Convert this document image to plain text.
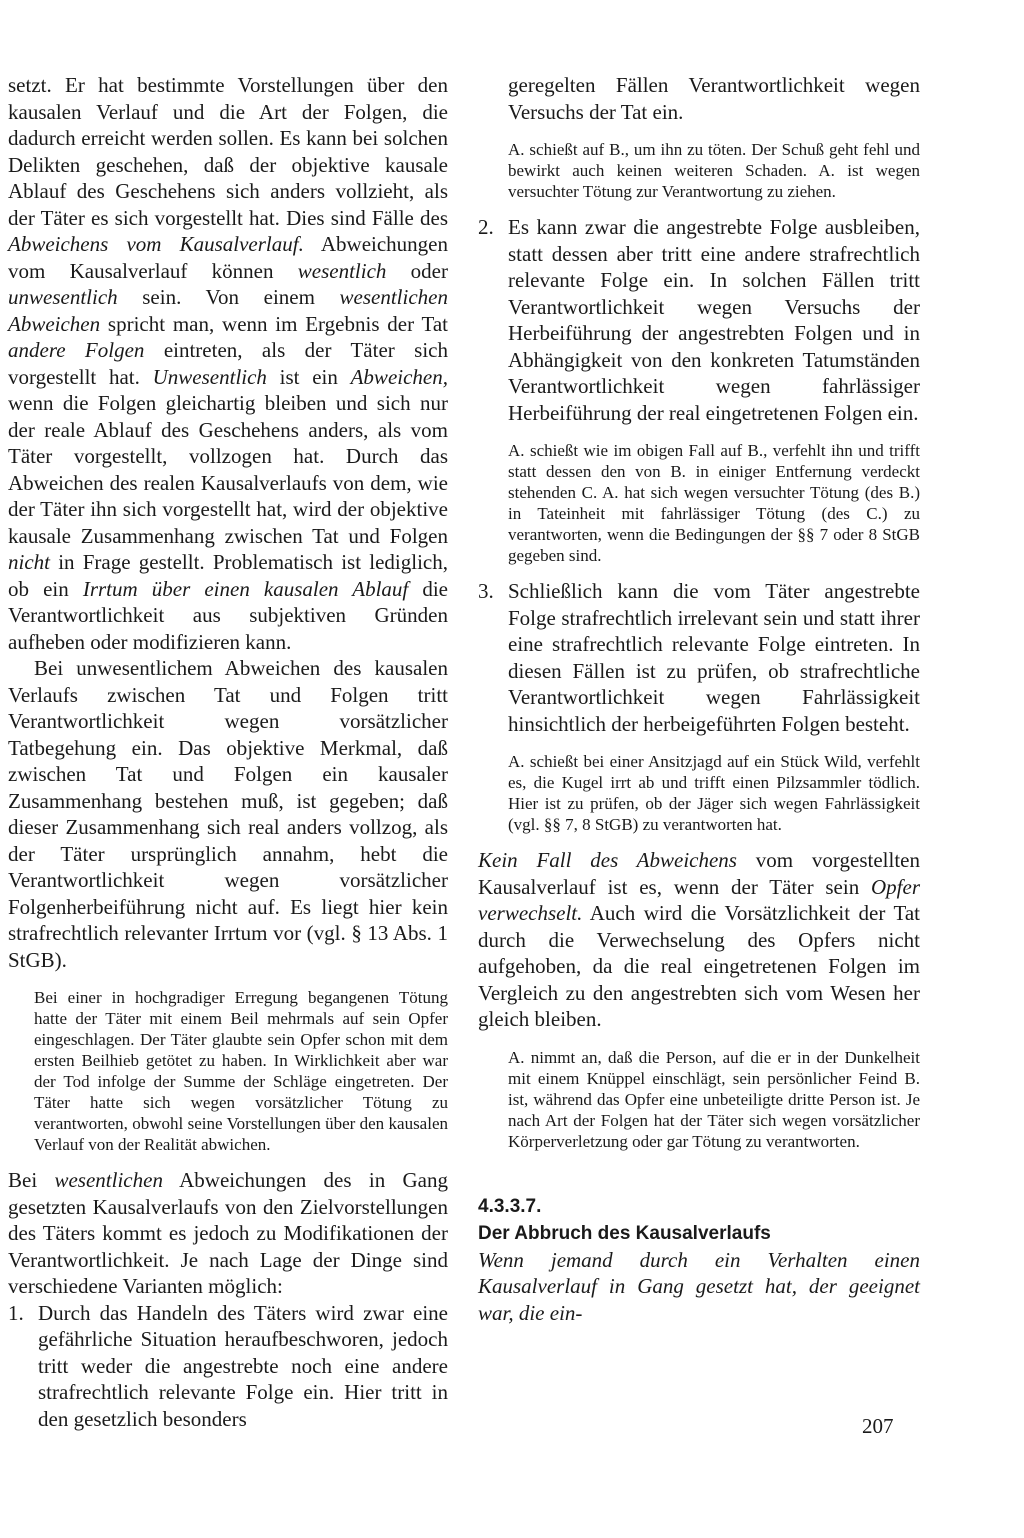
setzt. Er hat bestimmte Vorstellungen über den kausalen Verlauf und die Art der Folgen, die dadurch erreicht werden sollen. Es kann bei solchen Delikten geschehen, daß der objektive kausale Ablauf des Geschehens sich anders vollzieht, als der Täter es sich vorgestellt hat. Dies sind Fälle des Abweichens vom Kausalverlauf. Abweichungen vom Kausalverlauf können wesentlich oder unwesentlich sein. Von einem wesentlichen Abweichen spricht man, wenn im Ergebnis der Tat andere Folgen eintreten, als der Täter sich vorgestellt hat. Unwesentlich ist ein Abweichen, wenn die Folgen gleichartig bleiben und sich nur der reale Ablauf des Geschehens anders, als vom Täter vorgestellt, vollzogen hat. Durch das Abweichen des realen Kausalverlaufs von dem, wie der Täter ihn sich vorgestellt hat, wird der objektive kausale Zusammenhang zwischen Tat und Folgen nicht in Frage gestellt. Problematisch ist lediglich, ob ein Irrtum über einen kausalen Ablauf die Verantwortlichkeit aus subjektiven Gründen aufheben oder modifizieren kann.

Bei unwesentlichem Abweichen des kausalen Verlaufs zwischen Tat und Folgen tritt Verantwortlichkeit wegen vorsätzlicher Tatbegehung ein. Das objektive Merkmal, daß zwischen Tat und Folgen ein kausaler Zusammenhang bestehen muß, ist gegeben; daß dieser Zusammenhang sich real anders vollzog, als der Täter ursprünglich annahm, hebt die Verantwortlichkeit wegen vorsätzlicher Folgenherbeiführung nicht auf. Es liegt hier kein strafrechtlich relevanter Irrtum vor (vgl. § 13 Abs. 1 StGB).

Bei einer in hochgradiger Erregung begangenen Tötung hatte der Täter mit einem Beil mehrmals auf sein Opfer eingeschlagen. Der Täter glaubte sein Opfer schon mit dem ersten Beilhieb getötet zu haben. In Wirklichkeit aber war der Tod infolge der Summe der Schläge eingetreten. Der Täter hatte sich wegen vorsätzlicher Tötung zu verantworten, obwohl seine Vorstellungen über den kausalen Verlauf von der Realität abwichen.

Bei wesentlichen Abweichungen des in Gang gesetzten Kausalverlaufs von den Zielvorstellungen des Täters kommt es jedoch zu Modifikationen der Verantwortlichkeit. Je nach Lage der Dinge sind verschiedene Varianten möglich:

1. Durch das Handeln des Täters wird zwar eine gefährliche Situation heraufbeschworen, jedoch tritt weder die angestrebte noch eine andere strafrechtlich relevante Folge ein. Hier tritt in den gesetzlich besonders

geregelten Fällen Verantwortlichkeit wegen Versuchs der Tat ein.

A. schießt auf B., um ihn zu töten. Der Schuß geht fehl und bewirkt auch keinen weiteren Schaden. A. ist wegen versuchter Tötung zur Verantwortung zu ziehen.

2. Es kann zwar die angestrebte Folge ausbleiben, statt dessen aber tritt eine andere strafrechtlich relevante Folge ein. In solchen Fällen tritt Verantwortlichkeit wegen Versuchs der Herbeiführung der angestrebten Folgen und in Abhängigkeit von den konkreten Tatumständen Verantwortlichkeit wegen fahrlässiger Herbeiführung der real eingetretenen Folgen ein.

A. schießt wie im obigen Fall auf B., verfehlt ihn und trifft statt dessen den von B. in einiger Entfernung verdeckt stehenden C. A. hat sich wegen versuchter Tötung (des B.) in Tateinheit mit fahrlässiger Tötung (des C.) zu verantworten, wenn die Bedingungen der §§ 7 oder 8 StGB gegeben sind.

3. Schließlich kann die vom Täter angestrebte Folge strafrechtlich irrelevant sein und statt ihrer eine strafrechtlich relevante Folge eintreten. In diesen Fällen ist zu prüfen, ob strafrechtliche Verantwortlichkeit wegen Fahrlässigkeit hinsichtlich der herbeigeführten Folgen besteht.

A. schießt bei einer Ansitzjagd auf ein Stück Wild, verfehlt es, die Kugel irrt ab und trifft einen Pilzsammler tödlich. Hier ist zu prüfen, ob der Jäger sich wegen Fahrlässigkeit (vgl. §§ 7, 8 StGB) zu verantworten hat.

Kein Fall des Abweichens vom vorgestellten Kausalverlauf ist es, wenn der Täter sein Opfer verwechselt. Auch wird die Vorsätzlichkeit der Tat durch die Verwechselung des Opfers nicht aufgehoben, da die real eingetretenen Folgen im Vergleich zu den angestrebten sich vom Wesen her gleich bleiben.

A. nimmt an, daß die Person, auf die er in der Dunkelheit mit einem Knüppel einschlägt, sein persönlicher Feind B. ist, während das Opfer eine unbeteiligte dritte Person ist. Je nach Art der Folgen hat der Täter sich wegen vorsätzlicher Körperverletzung oder gar Tötung zu verantworten.

4.3.3.7.
Der Abbruch des Kausalverlaufs

Wenn jemand durch ein Verhalten einen Kausalverlauf in Gang gesetzt hat, der geeignet war, die ein-

207
